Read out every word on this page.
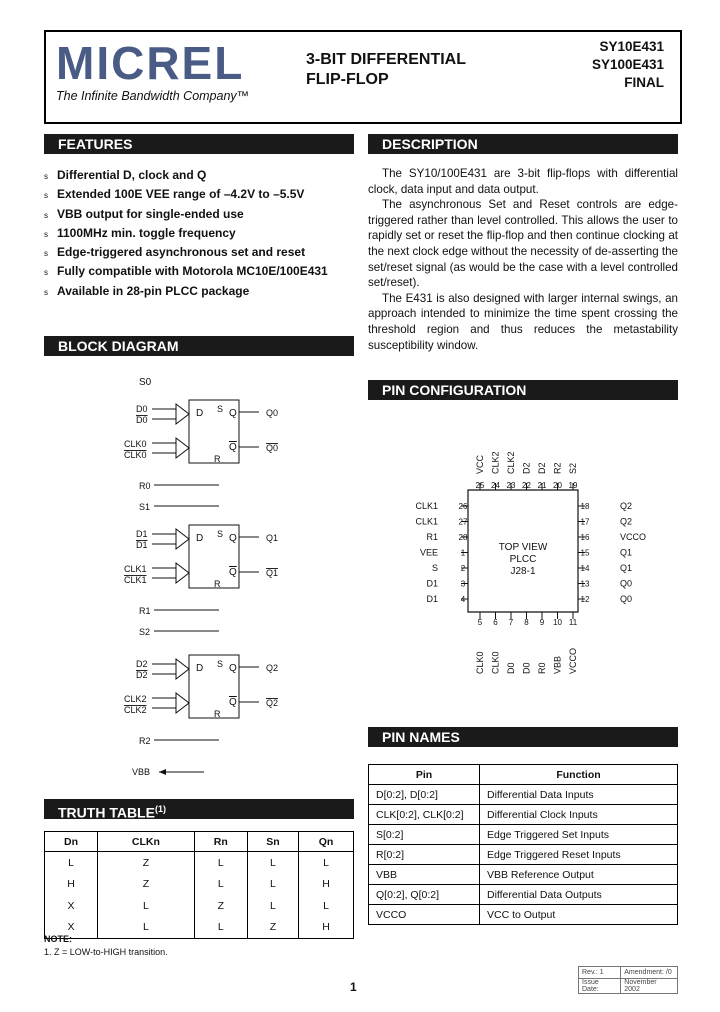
MICREL
The Infinite Bandwidth Company™
3-BIT DIFFERENTIAL
FLIP-FLOP
SY10E431
SY100E431
FINAL
FEATURES
s Differential D, clock and Q
s Extended 100E VEE range of –4.2V to –5.5V
s VBB output for single-ended use
s 1100MHz min. toggle frequency
s Edge-triggered asynchronous set and reset
s Fully compatible with Motorola MC10E/100E431
s Available in 28-pin PLCC package
DESCRIPTION

The SY10/100E431 are 3-bit flip-flops with differential clock, data input and data output.

The asynchronous Set and Reset controls are edge-triggered rather than level controlled. This allows the user to rapidly set or reset the flip-flop and then continue clocking at the next clock edge without the necessity of de-asserting the set/reset signal (as would be the case with a level controlled set/reset).

The E431 is also designed with larger internal swings, an approach intended to minimize the time spent crossing the threshold region and thus reduces the metastability susceptibility window.

BLOCK DIAGRAM
S0
D S Q
Q
R
D0
D0
CLK0
CLK0
Q0
Q0
R0
S1
D S Q
Q
R
D1
D1
CLK1
CLK1
Q1
Q1
R1
S2
D S Q
Q
R
D2
D2
CLK2
CLK2
Q2
Q2
R2
VBB
PIN CONFIGURATION
TOP VIEW
PLCC
J28-1
25
VCC
24
CLK2
23
CLK2
22
D2
21
D2
20
R2
19
S2
5
CLK0
6
CLK0
7
D0
8
D0
9
R0
10
VBB
11
VCCO
26
CLK1
27
CLK1
28
R1
1
VEE
2
S
3
D1
4
D1
18	Q2
17	Q2
16	VCCO
15	Q1
14	Q1
13	Q0
12	Q0
PIN NAMES
Pin	Function
D[0:2], D[0:2]	Differential Data Inputs
CLK[0:2], CLK[0:2]	Differential Clock Inputs
S[0:2]	Edge Triggered Set Inputs
R[0:2]	Edge Triggered Reset Inputs
VBB	VBB Reference Output
Q[0:2], Q[0:2]	Differential Data Outputs
VCCO	VCC to Output
TRUTH TABLE$^{(1)}$
Dn	CLKn	Rn	Sn	Qn
L	Z	L	L	L
H	Z	L	L	H
X	L	Z	L	L
X	L	L	Z	H
NOTE:
1. Z = LOW-to-HIGH transition.
1
Rev.: 1	Amendment: /0
Issue Date:	November 2002
